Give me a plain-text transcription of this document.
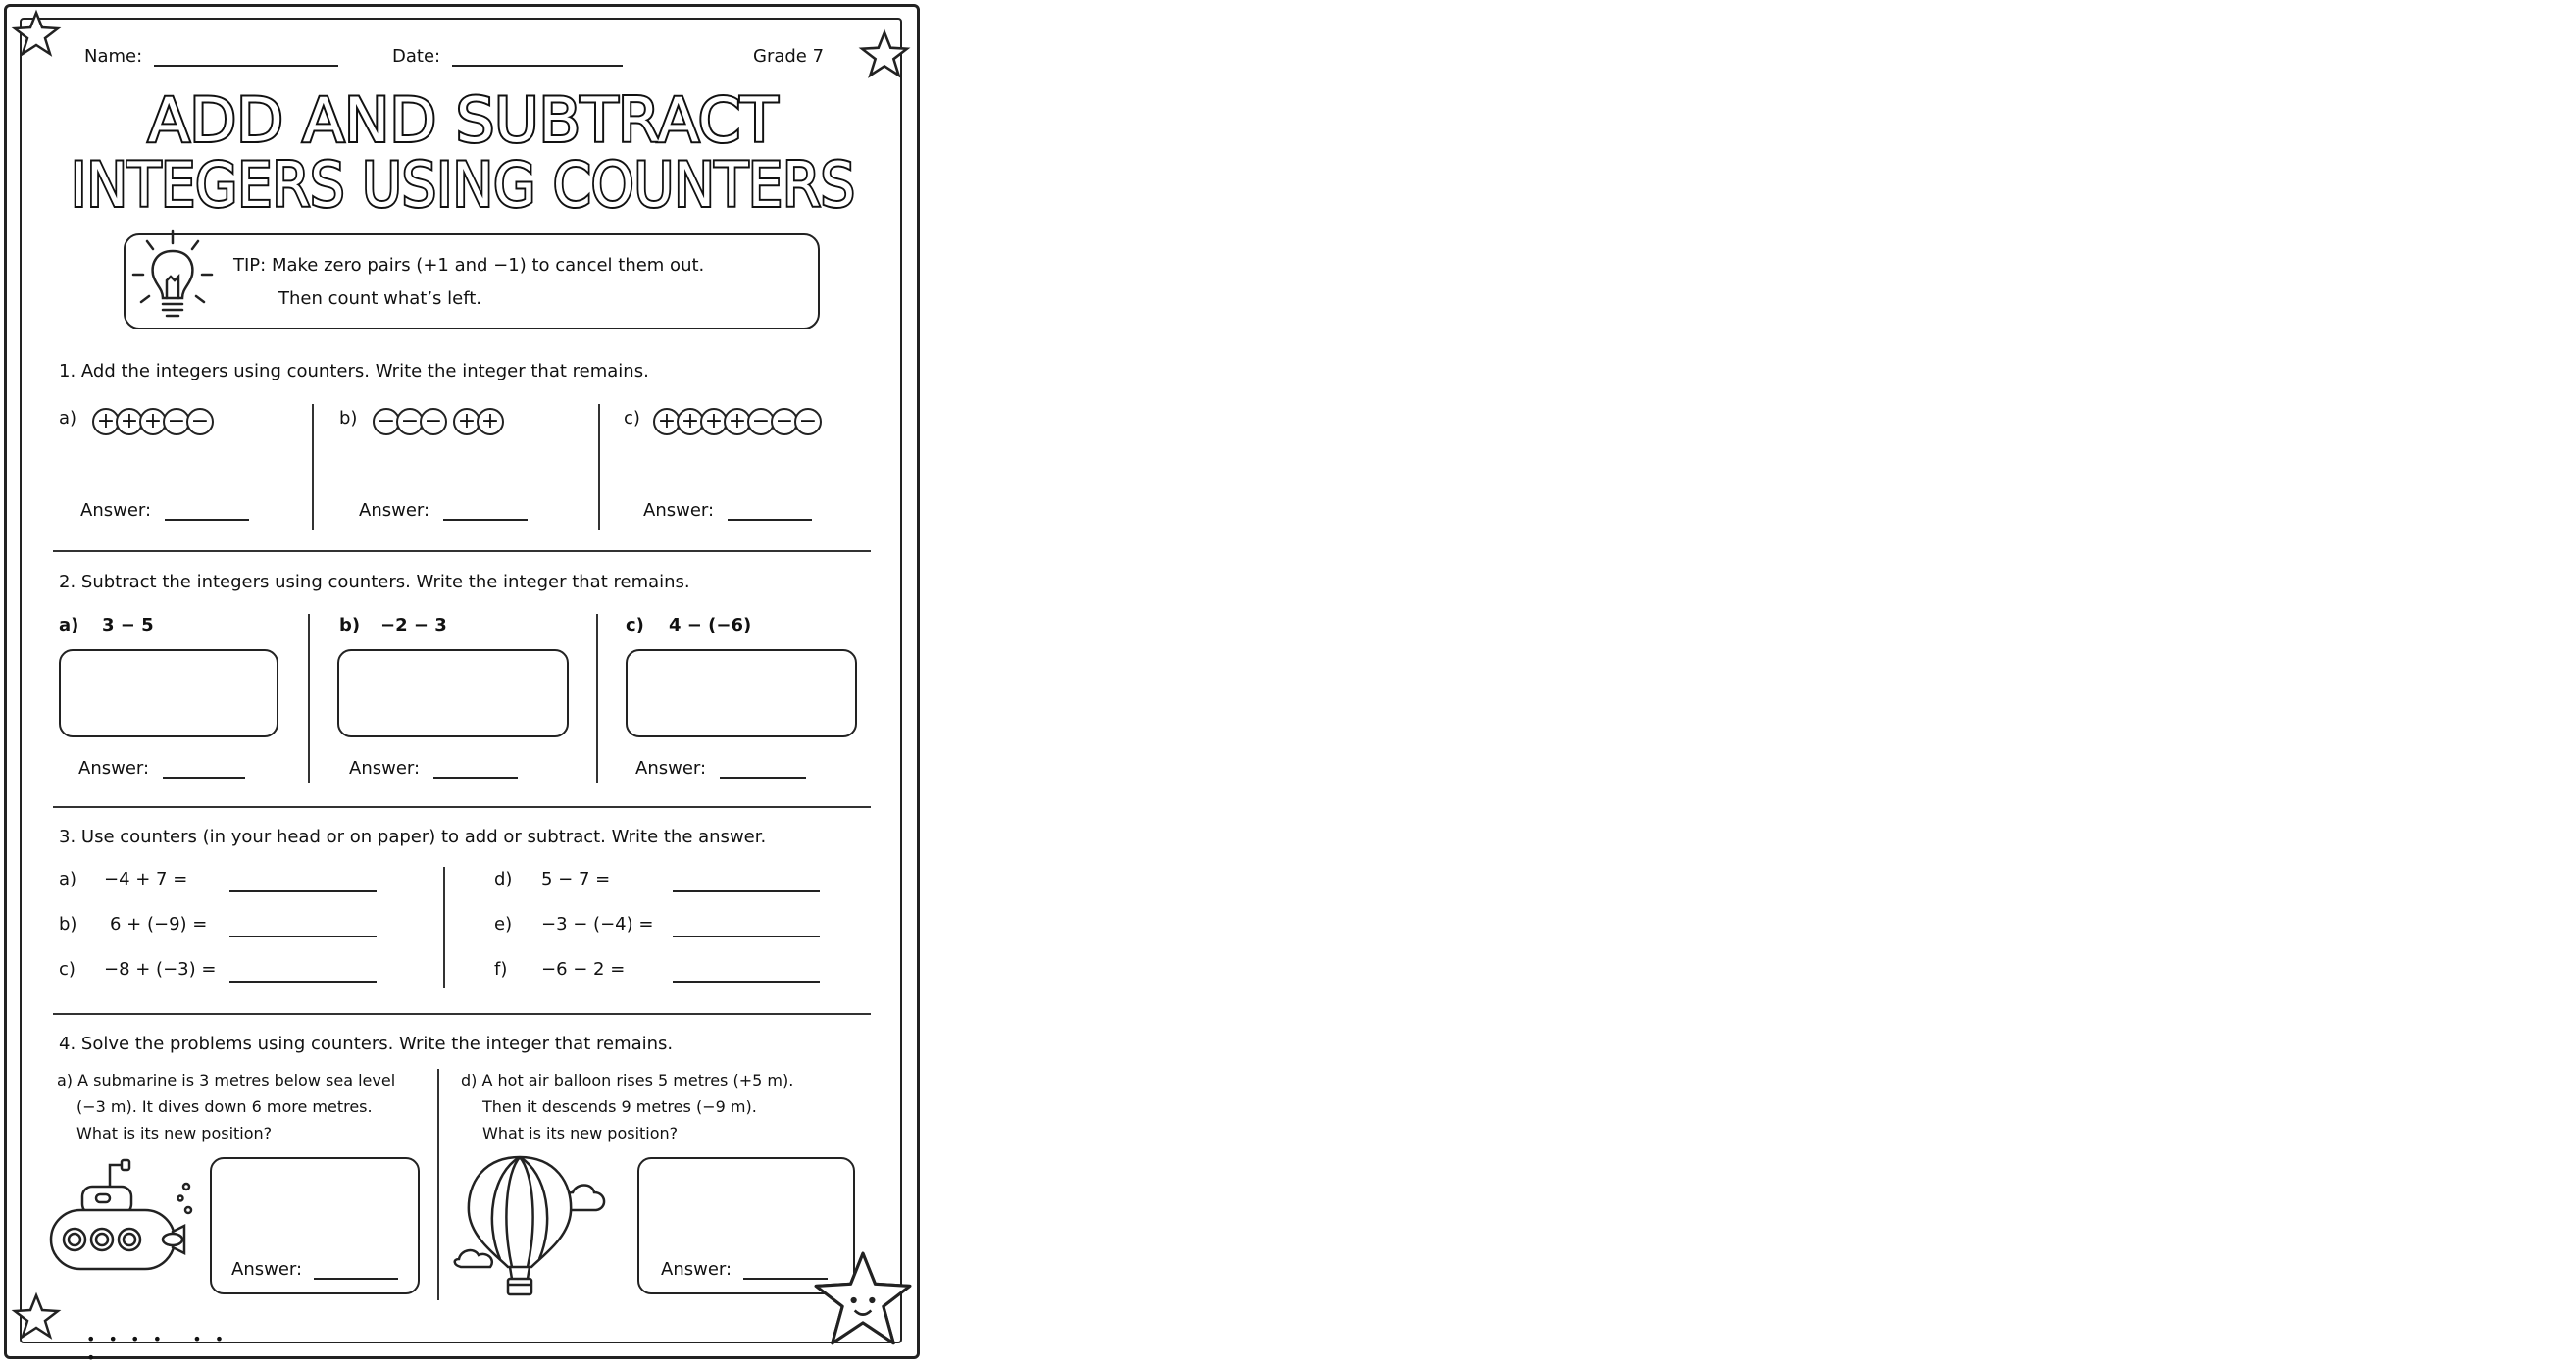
• • • •   • • •
Name:	Date:	Grade 7
ADD AND SUBTRACT
INTEGERS USING COUNTERS
TIP: Make zero pairs (+1 and −1) to cancel them out.
Then count what’s left.
1. Add the integers using counters. Write the integer that remains.
a) + + + − −
Answer:
b) − − − + +
Answer:
c) + + + + − − −
Answer:
2. Subtract the integers using counters. Write the integer that remains.
a) 3 − 5
Answer:
b) −2 − 3
Answer:
c) 4 − (−6)
Answer:
3. Use counters (in your head or on paper) to add or subtract. Write the answer.
a) −4 + 7 =
b) 6 + (−9) =
c) −8 + (−3) =
d) 5 − 7 =
e) −3 − (−4) =
f) −6 − 2 =
4. Solve the problems using counters. Write the integer that remains.
a) A submarine is 3 metres below sea level
(−3 m). It dives down 6 more metres.
What is its new position?
Answer:
d) A hot air balloon rises 5 metres (+5 m).
Then it descends 9 metres (−9 m).
What is its new position?
Answer:
